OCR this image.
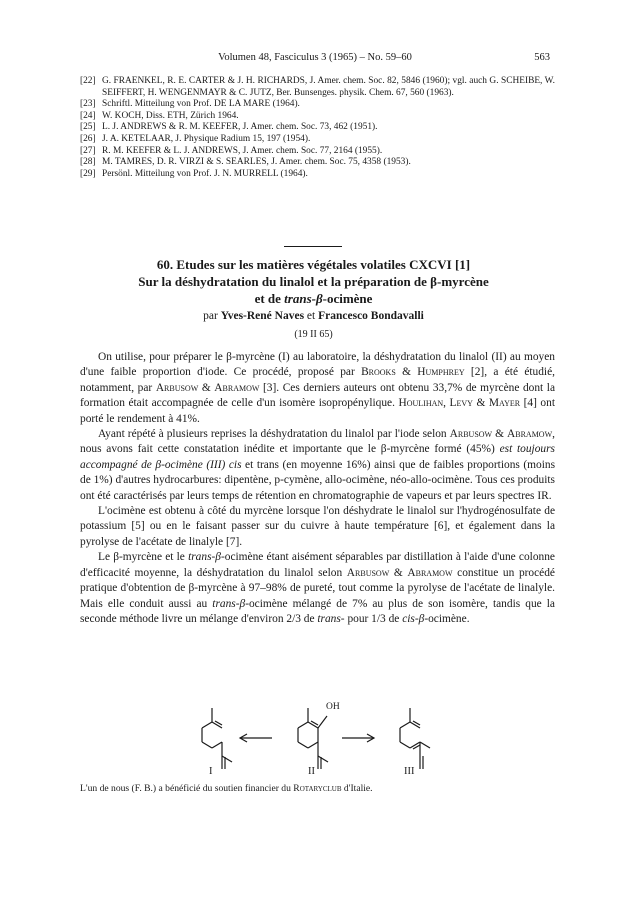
Volumen 48, Fasciculus 3 (1965) – No. 59–60	563
[22] G. FRAENKEL, R. E. CARTER & J. H. RICHARDS, J. Amer. chem. Soc. 82, 5846 (1960); vgl. auch G. SCHEIBE, W. SEIFFERT, H. WENGENMAYR & C. JUTZ, Ber. Bunsenges. physik. Chem. 67, 560 (1963).
[23] Schriftl. Mitteilung von Prof. DE LA MARE (1964).
[24] W. KOCH, Diss. ETH, Zürich 1964.
[25] L. J. ANDREWS & R. M. KEEFER, J. Amer. chem. Soc. 73, 462 (1951).
[26] J. A. KETELAAR, J. Physique Radium 15, 197 (1954).
[27] R. M. KEEFER & L. J. ANDREWS, J. Amer. chem. Soc. 77, 2164 (1955).
[28] M. TAMRES, D. R. VIRZI & S. SEARLES, J. Amer. chem. Soc. 75, 4358 (1953).
[29] Persönl. Mitteilung von Prof. J. N. MURRELL (1964).
60. Etudes sur les matières végétales volatiles CXCVI [1]
Sur la déshydratation du linalol et la préparation de β-myrcène
et de trans-β-ocimène
par Yves-René Naves et Francesco Bondavalli
(19 II 65)

On utilise, pour préparer le β-myrcène (I) au laboratoire, la déshydratation du linalol (II) au moyen d'une faible proportion d'iode. Ce procédé, proposé par Brooks & Humphrey [2], a été étudié, notamment, par Arbusow & Abramow [3]. Ces derniers auteurs ont obtenu 33,7% de myrcène dont la formation était accompagnée de celle d'un isomère isopropénylique. Houlihan, Levy & Mayer [4] ont porté le rendement à 41%.

Ayant répété à plusieurs reprises la déshydratation du linalol par l'iode selon Arbusow & Abramow, nous avons fait cette constatation inédite et importante que le β-myrcène formé (45%) est toujours accompagné de β-ocimène (III) cis et trans (en moyenne 16%) ainsi que de faibles proportions (moins de 1%) d'autres hydrocarbures: dipentène, p-cymène, allo-ocimène, néo-allo-ocimène. Tous ces produits ont été caractérisés par leurs temps de rétention en chromatographie de vapeurs et par leurs spectres IR.

L'ocimène est obtenu à côté du myrcène lorsque l'on déshydrate le linalol sur l'hydrogénosulfate de potassium [5] ou en le faisant passer sur du cuivre à haute température [6], et également dans la pyrolyse de l'acétate de linalyle [7].

Le β-myrcène et le trans-β-ocimène étant aisément séparables par distillation à l'aide d'une colonne d'efficacité moyenne, la déshydratation du linalol selon Arbusow & Abramow constitue un procédé pratique d'obtention de β-myrcène à 97–98% de pureté, tout comme la pyrolyse de l'acétate de linalyle. Mais elle conduit aussi au trans-β-ocimène mélangé de 7% au plus de son isomère, tandis que la seconde méthode livre un mélange d'environ 2/3 de trans- pour 1/3 de cis-β-ocimène.

OH
I	II	III
L'un de nous (F. B.) a bénéficié du soutien financier du Rotaryclub d'Italie.
